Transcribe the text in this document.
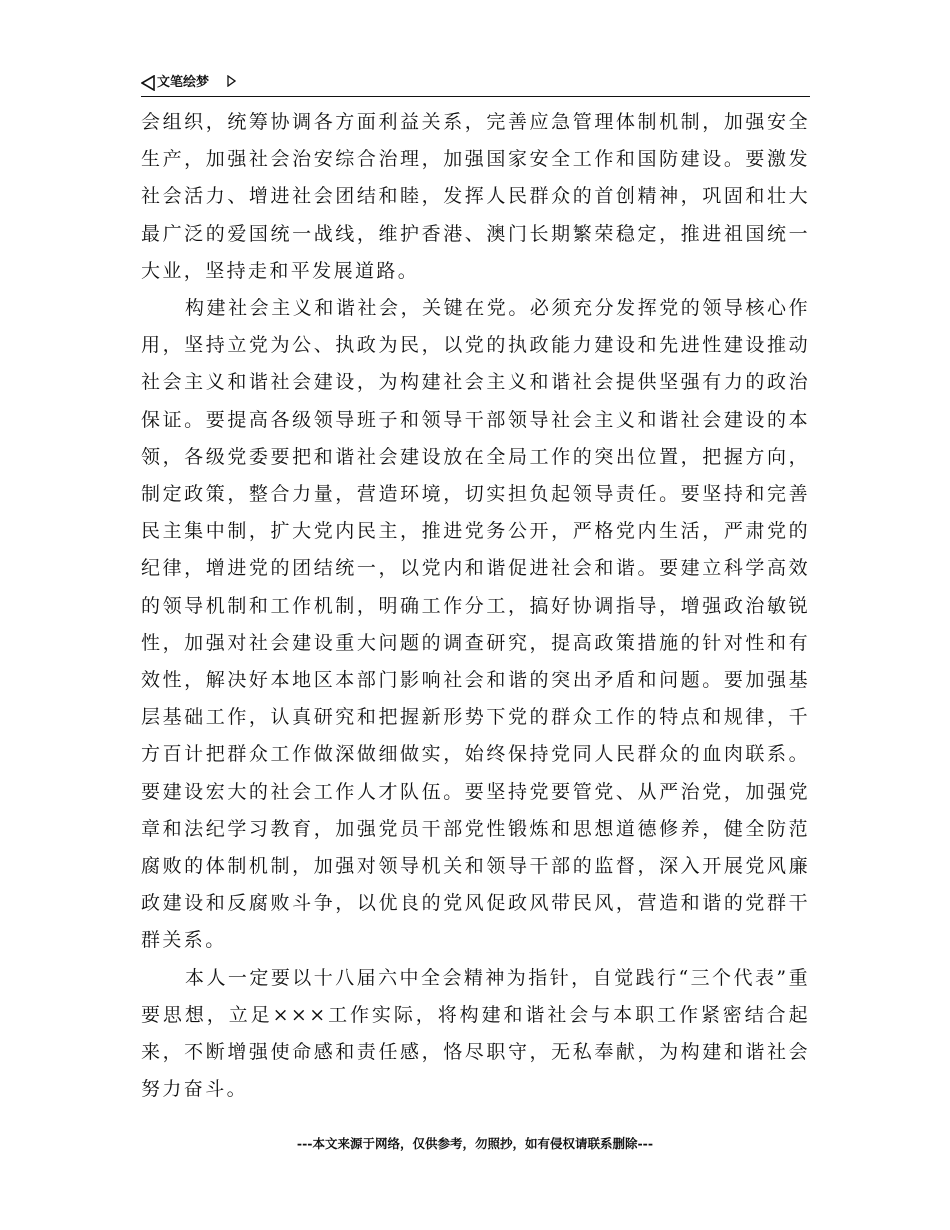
文笔绘梦

会组织，统筹协调各方面利益关系，完善应急管理体制机制，加强安全生产，加强社会治安综合治理，加强国家安全工作和国防建设。要激发社会活力、增进社会团结和睦，发挥人民群众的首创精神，巩固和壮大最广泛的爱国统一战线，维护香港、澳门长期繁荣稳定，推进祖国统一大业，坚持走和平发展道路。

构建社会主义和谐社会，关键在党。必须充分发挥党的领导核心作用，坚持立党为公、执政为民，以党的执政能力建设和先进性建设推动社会主义和谐社会建设，为构建社会主义和谐社会提供坚强有力的政治保证。要提高各级领导班子和领导干部领导社会主义和谐社会建设的本领，各级党委要把和谐社会建设放在全局工作的突出位置，把握方向，制定政策，整合力量，营造环境，切实担负起领导责任。要坚持和完善民主集中制，扩大党内民主，推进党务公开，严格党内生活，严肃党的纪律，增进党的团结统一，以党内和谐促进社会和谐。要建立科学高效的领导机制和工作机制，明确工作分工，搞好协调指导，增强政治敏锐性，加强对社会建设重大问题的调查研究，提高政策措施的针对性和有效性，解决好本地区本部门影响社会和谐的突出矛盾和问题。要加强基层基础工作，认真研究和把握新形势下党的群众工作的特点和规律，千方百计把群众工作做深做细做实，始终保持党同人民群众的血肉联系。要建设宏大的社会工作人才队伍。要坚持党要管党、从严治党，加强党章和法纪学习教育，加强党员干部党性锻炼和思想道德修养，健全防范腐败的体制机制，加强对领导机关和领导干部的监督，深入开展党风廉政建设和反腐败斗争，以优良的党风促政风带民风，营造和谐的党群干群关系。

本人一定要以十八届六中全会精神为指针，自觉践行“三个代表”重要思想，立足×××工作实际，将构建和谐社会与本职工作紧密结合起来，不断增强使命感和责任感，恪尽职守，无私奉献，为构建和谐社会努力奋斗。

---本文来源于网络，仅供参考，勿照抄，如有侵权请联系删除---
